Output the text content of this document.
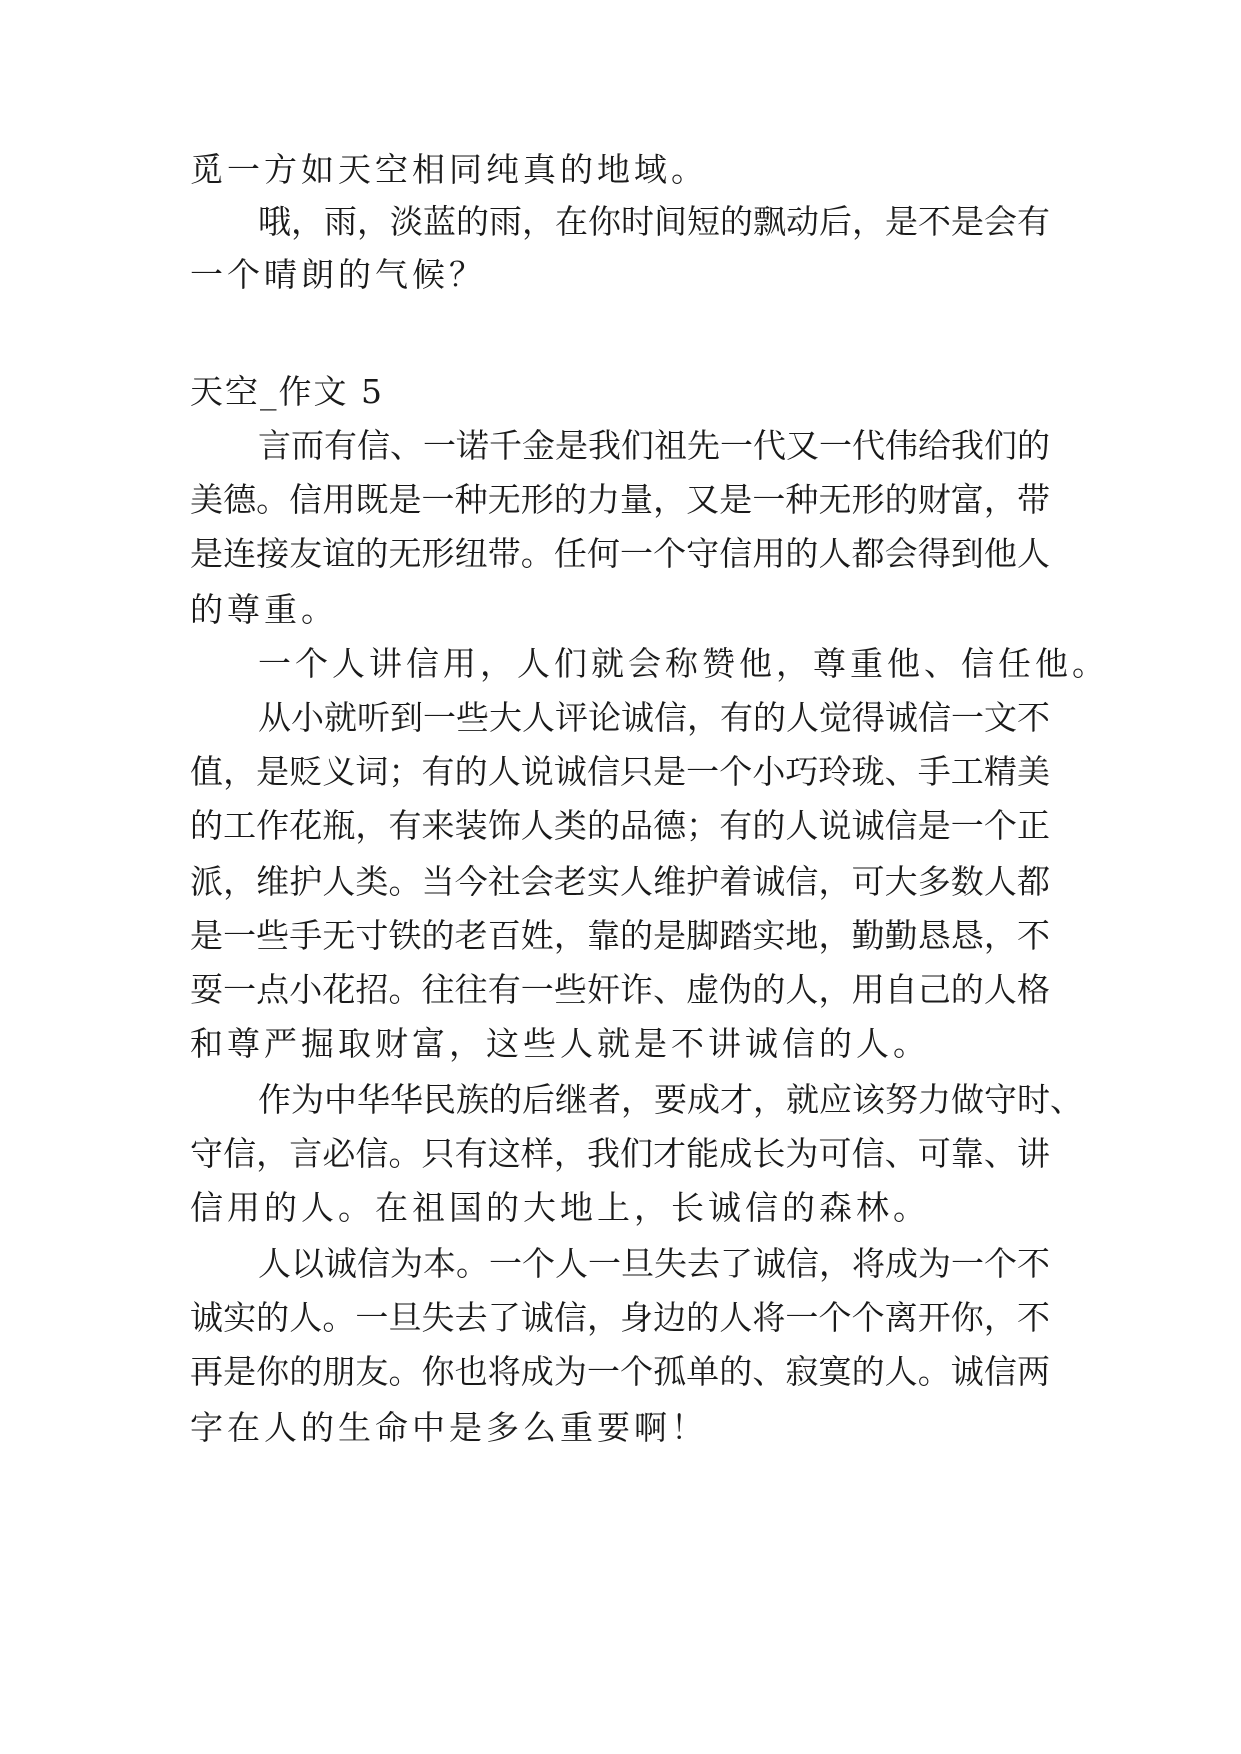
觅一方如天空相同纯真的地域。
哦 ， 雨 ， 淡 蓝 的 雨 ， 在 你 时 间 短 的 飘 动 后 ， 是 不 是 会 有
一个晴朗的气候？
天空_作文 5
言 而 有 信 、 一 诺 千 金 是 我 们 祖 先 一 代 又 一 代 伟 给 我 们 的
美 德 。 信 用 既 是 一 种 无 形 的 力 量 ， 又 是 一 种 无 形 的 财 富 ， 带
是 连 接 友 谊 的 无 形 纽 带 。 任 何 一 个 守 信 用 的 人 都 会 得 到 他 人
的尊重。
一个人讲信用，人们就会称赞他，尊重他、信任他。
从 小 就 听 到 一 些 大 人 评 论 诚 信 ， 有 的 人 觉 得 诚 信 一 文 不
值 ， 是 贬 义 词 ； 有 的 人 说 诚 信 只 是 一 个 小 巧 玲 珑 、 手 工 精 美
的 工 作 花 瓶 ， 有 来 装 饰 人 类 的 品 德 ； 有 的 人 说 诚 信 是 一 个 正
派 ， 维 护 人 类 。 当 今 社 会 老 实 人 维 护 着 诚 信 ， 可 大 多 数 人 都
是 一 些 手 无 寸 铁 的 老 百 姓 ， 靠 的 是 脚 踏 实 地 ， 勤 勤 恳 恳 ， 不
耍 一 点 小 花 招 。 往 往 有 一 些 奸 诈 、 虚 伪 的 人 ， 用 自 己 的 人 格
和尊严掘取财富，这些人就是不讲诚信的人。
作 为 中 华 华 民 族 的 后 继 者 ， 要 成 才 ， 就 应 该 努 力 做 守 时 、
守 信 ， 言 必 信 。 只 有 这 样 ， 我 们 才 能 成 长 为 可 信 、 可 靠 、 讲
信用的人。在祖国的大地上，长诚信的森林。
人 以 诚 信 为 本 。 一 个 人 一 旦 失 去 了 诚 信 ， 将 成 为 一 个 不
诚 实 的 人 。 一 旦 失 去 了 诚 信 ， 身 边 的 人 将 一 个 个 离 开 你 ， 不
再 是 你 的 朋 友 。 你 也 将 成 为 一 个 孤 单 的 、 寂 寞 的 人 。 诚 信 两
字在人的生命中是多么重要啊！
